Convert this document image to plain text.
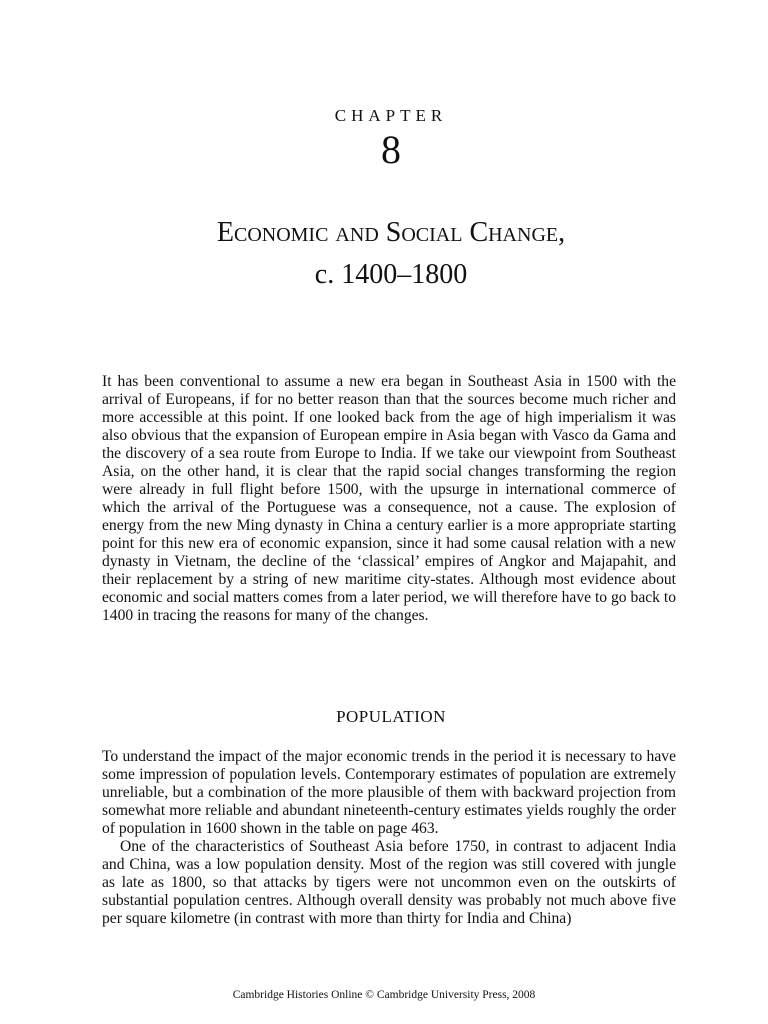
CHAPTER
8
Economic and Social Change,
c. 1400–1800

It has been conventional to assume a new era began in Southeast Asia in 1500 with the arrival of Europeans, if for no better reason than that the sources become much richer and more accessible at this point. If one looked back from the age of high imperialism it was also obvious that the expansion of European empire in Asia began with Vasco da Gama and the discovery of a sea route from Europe to India. If we take our viewpoint from Southeast Asia, on the other hand, it is clear that the rapid social changes transforming the region were already in full flight before 1500, with the upsurge in international commerce of which the arrival of the Portuguese was a consequence, not a cause. The explosion of energy from the new Ming dynasty in China a century earlier is a more appropriate starting point for this new era of economic expansion, since it had some causal relation with a new dynasty in Vietnam, the decline of the ‘classical’ empires of Angkor and Majapahit, and their replacement by a string of new maritime city-states. Although most evidence about economic and social matters comes from a later period, we will therefore have to go back to 1400 in tracing the reasons for many of the changes.

POPULATION

To understand the impact of the major economic trends in the period it is necessary to have some impression of population levels. Contemporary estimates of population are extremely unreliable, but a combination of the more plausible of them with backward projection from somewhat more reliable and abundant nineteenth-century estimates yields roughly the order of population in 1600 shown in the table on page 463.

One of the characteristics of Southeast Asia before 1750, in contrast to adjacent India and China, was a low population density. Most of the region was still covered with jungle as late as 1800, so that attacks by tigers were not uncommon even on the outskirts of substantial population centres. Although overall density was probably not much above five per square kilometre (in contrast with more than thirty for India and China)

Cambridge Histories Online © Cambridge University Press, 2008
